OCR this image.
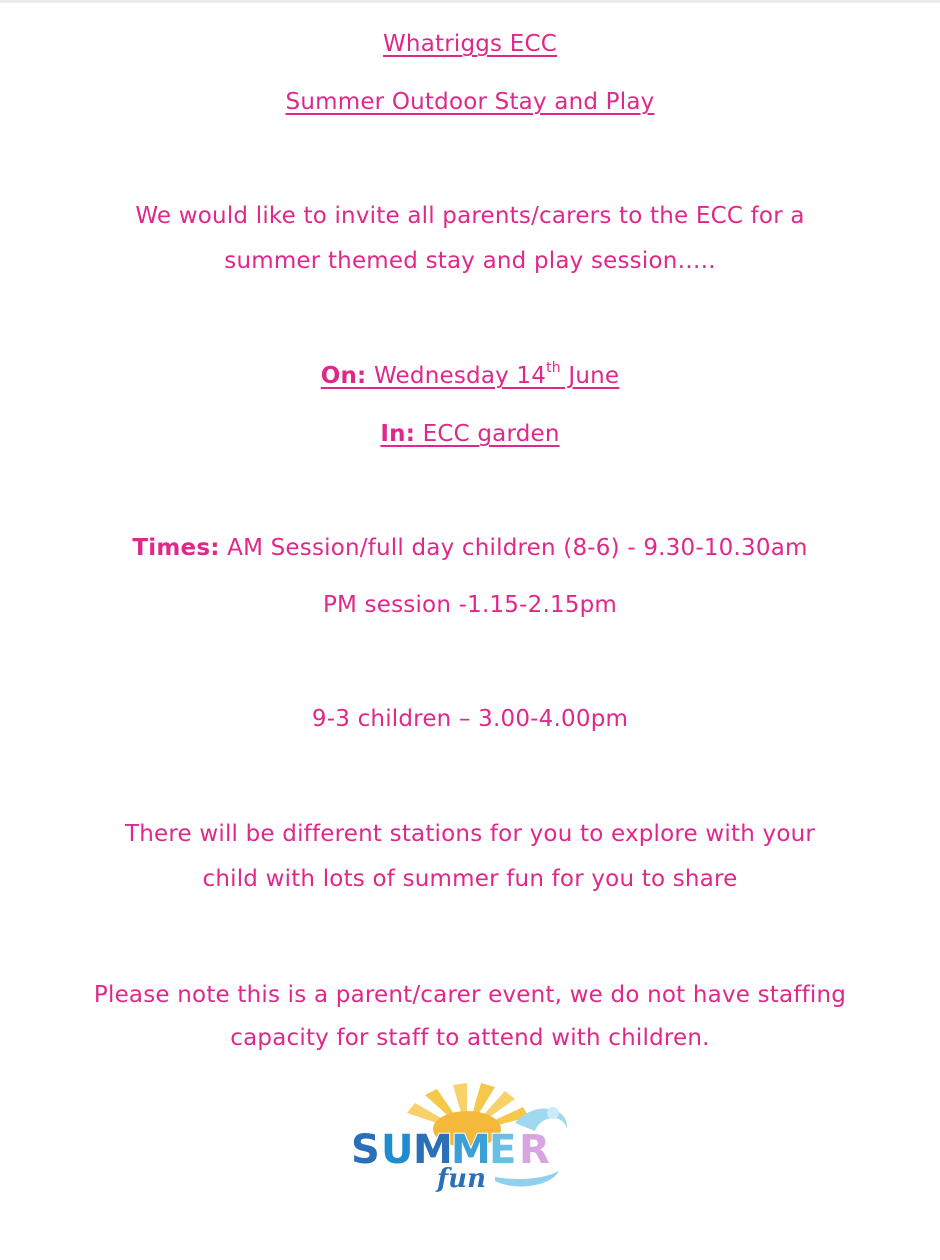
Whatriggs ECC
Summer Outdoor Stay and Play
We would like to invite all parents/carers to the ECC for a
summer themed stay and play session…..
On: Wednesday 14th June
In: ECC garden
Times: AM Session/full day children (8-6) - 9.30-10.30am
PM session -1.15-2.15pm
9-3 children – 3.00-4.00pm
There will be different stations for you to explore with your
child with lots of summer fun for you to share
Please note this is a parent/carer event, we do not have staffing
capacity for staff to attend with children.
S U M
M
E R
fun
